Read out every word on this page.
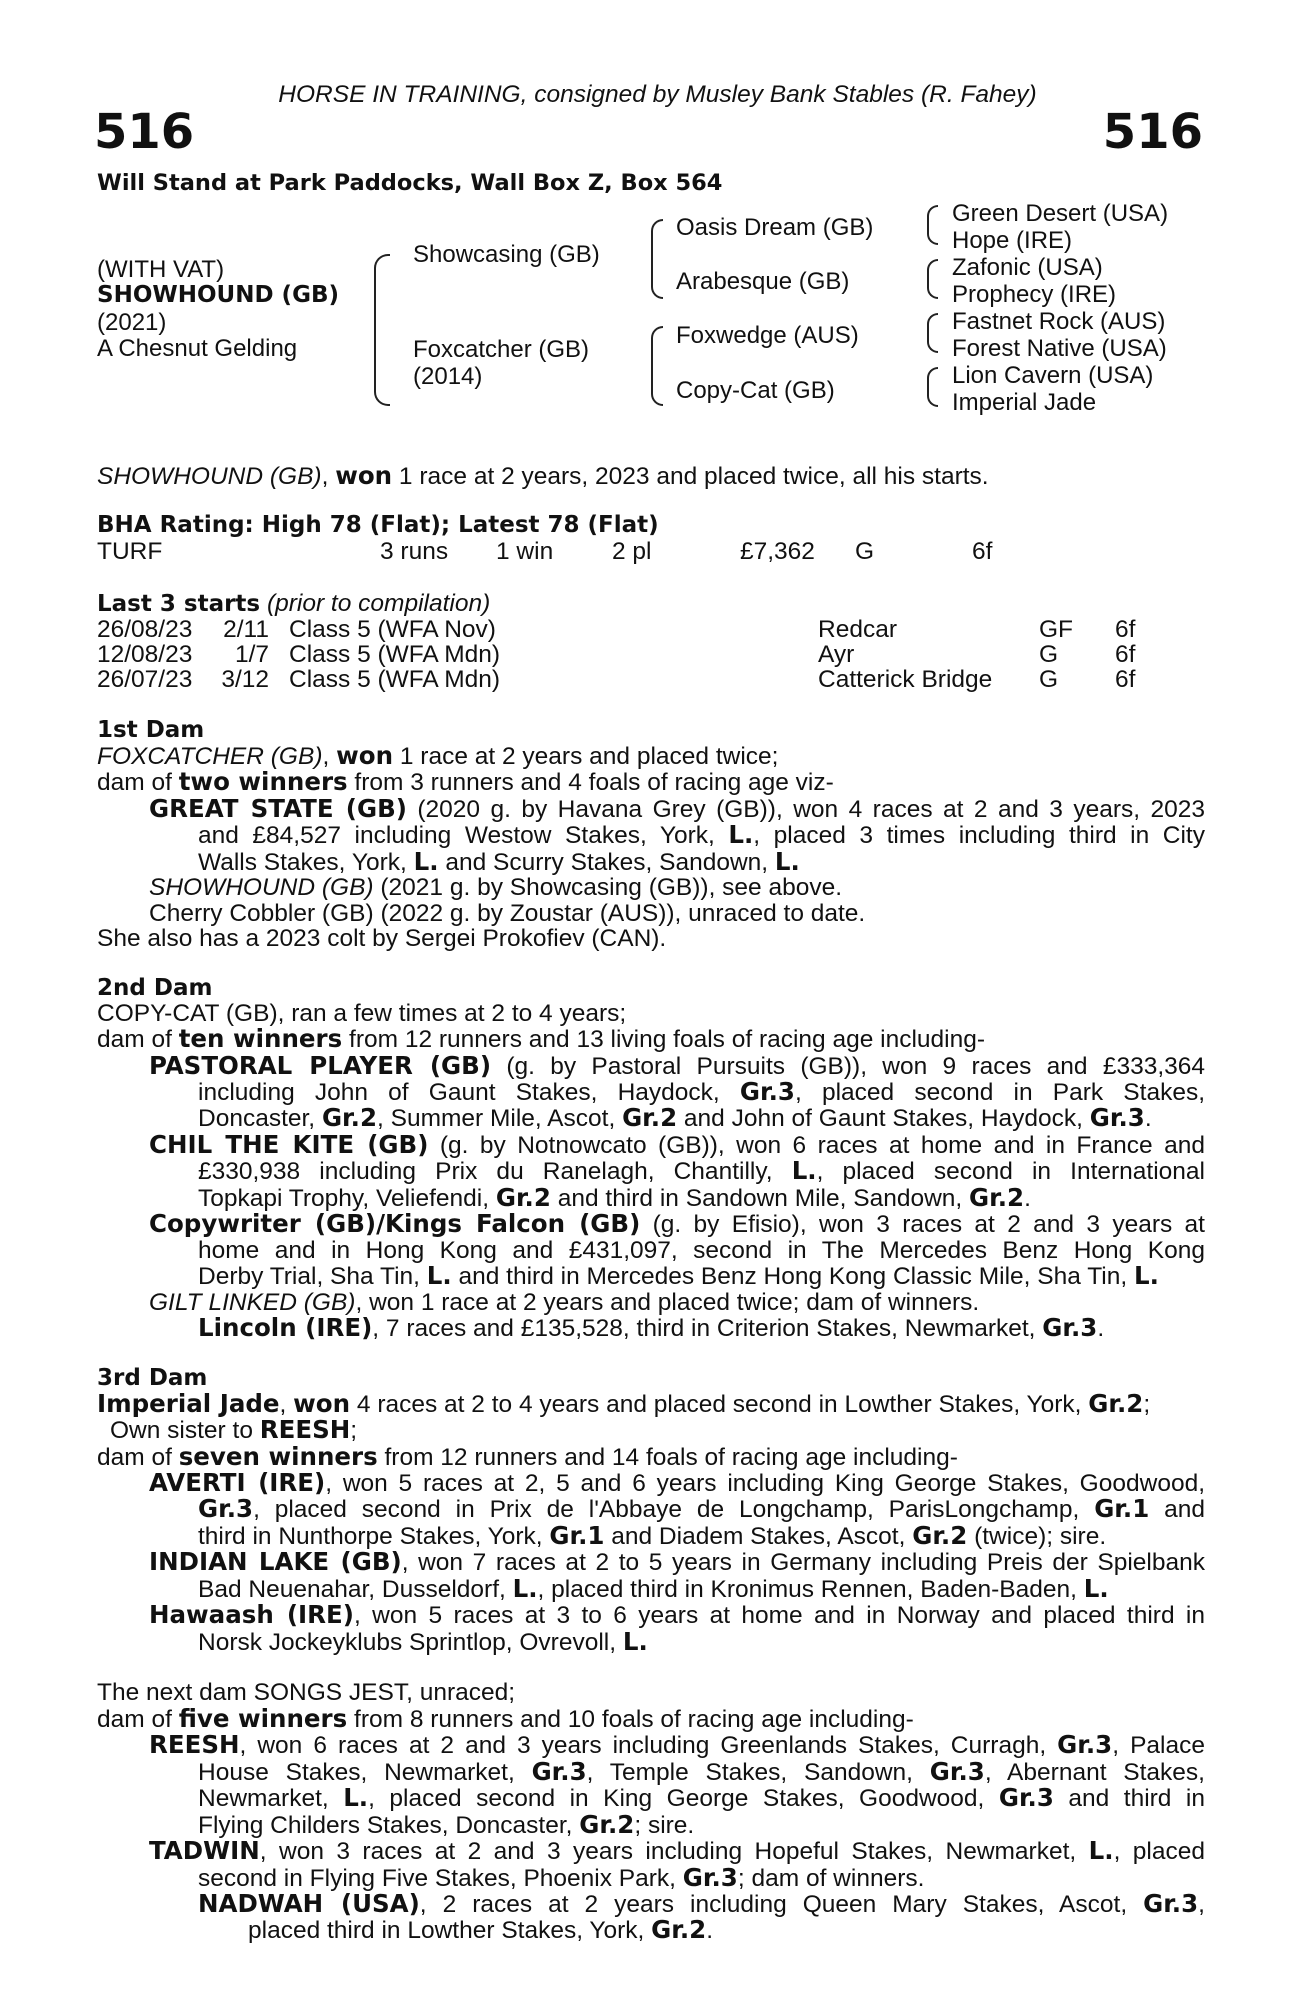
HORSE IN TRAINING, consigned by Musley Bank Stables (R. Fahey)
516	516
Will Stand at Park Paddocks, Wall Box Z, Box 564
(WITH VAT)
SHOWHOUND (GB)
(2021)
A Chesnut Gelding
Showcasing (GB)
Foxcatcher (GB)
(2014)
Oasis Dream (GB)
Arabesque (GB)
Foxwedge (AUS)
Copy-Cat (GB)
Green Desert (USA)
Hope (IRE)
Zafonic (USA)
Prophecy (IRE)
Fastnet Rock (AUS)
Forest Native (USA)
Lion Cavern (USA)
Imperial Jade
SHOWHOUND (GB), won 1 race at 2 years, 2023 and placed twice, all his starts.
BHA Rating: High 78 (Flat); Latest 78 (Flat)
TURF	3 runs 1 win 2 pl	£7,362 G	6f
Last 3 starts (prior to compilation)
26/08/23 2/11 Class 5 (WFA Nov)	Redcar	GF 6f
12/08/23	1/7 Class 5 (WFA Mdn)	Ayr	G 6f
26/07/23 3/12 Class 5 (WFA Mdn)	Catterick Bridge G 6f
1st Dam
FOXCATCHER (GB), won 1 race at 2 years and placed twice;
dam of two winners from 3 runners and 4 foals of racing age viz-
GREAT STATE (GB) (2020 g. by Havana Grey (GB)), won 4 races at 2 and 3 years, 2023
and £84,527 including Westow Stakes, York, L., placed 3 times including third in City
Walls Stakes, York, L. and Scurry Stakes, Sandown, L.
SHOWHOUND (GB) (2021 g. by Showcasing (GB)), see above.
Cherry Cobbler (GB) (2022 g. by Zoustar (AUS)), unraced to date.
She also has a 2023 colt by Sergei Prokofiev (CAN).
2nd Dam
COPY-CAT (GB), ran a few times at 2 to 4 years;
dam of ten winners from 12 runners and 13 living foals of racing age including-
PASTORAL PLAYER (GB) (g. by Pastoral Pursuits (GB)), won 9 races and £333,364
including John of Gaunt Stakes, Haydock, Gr.3, placed second in Park Stakes,
Doncaster, Gr.2, Summer Mile, Ascot, Gr.2 and John of Gaunt Stakes, Haydock, Gr.3.
CHIL THE KITE (GB) (g. by Notnowcato (GB)), won 6 races at home and in France and
£330,938 including Prix du Ranelagh, Chantilly, L., placed second in International
Topkapi Trophy, Veliefendi, Gr.2 and third in Sandown Mile, Sandown, Gr.2.
Copywriter (GB)/Kings Falcon (GB) (g. by Efisio), won 3 races at 2 and 3 years at
home and in Hong Kong and £431,097, second in The Mercedes Benz Hong Kong
Derby Trial, Sha Tin, L. and third in Mercedes Benz Hong Kong Classic Mile, Sha Tin, L.
GILT LINKED (GB), won 1 race at 2 years and placed twice; dam of winners.
Lincoln (IRE), 7 races and £135,528, third in Criterion Stakes, Newmarket, Gr.3.
3rd Dam
Imperial Jade, won 4 races at 2 to 4 years and placed second in Lowther Stakes, York, Gr.2;
Own sister to REESH;
dam of seven winners from 12 runners and 14 foals of racing age including-
AVERTI (IRE), won 5 races at 2, 5 and 6 years including King George Stakes, Goodwood,
Gr.3, placed second in Prix de l'Abbaye de Longchamp, ParisLongchamp, Gr.1 and
third in Nunthorpe Stakes, York, Gr.1 and Diadem Stakes, Ascot, Gr.2 (twice); sire.
INDIAN LAKE (GB), won 7 races at 2 to 5 years in Germany including Preis der Spielbank
Bad Neuenahar, Dusseldorf, L., placed third in Kronimus Rennen, Baden-Baden, L.
Hawaash (IRE), won 5 races at 3 to 6 years at home and in Norway and placed third in
Norsk Jockeyklubs Sprintlop, Ovrevoll, L.
The next dam SONGS JEST, unraced;
dam of five winners from 8 runners and 10 foals of racing age including-
REESH, won 6 races at 2 and 3 years including Greenlands Stakes, Curragh, Gr.3, Palace
House Stakes, Newmarket, Gr.3, Temple Stakes, Sandown, Gr.3, Abernant Stakes,
Newmarket, L., placed second in King George Stakes, Goodwood, Gr.3 and third in
Flying Childers Stakes, Doncaster, Gr.2; sire.
TADWIN, won 3 races at 2 and 3 years including Hopeful Stakes, Newmarket, L., placed
second in Flying Five Stakes, Phoenix Park, Gr.3; dam of winners.
NADWAH (USA), 2 races at 2 years including Queen Mary Stakes, Ascot, Gr.3,
placed third in Lowther Stakes, York, Gr.2.
